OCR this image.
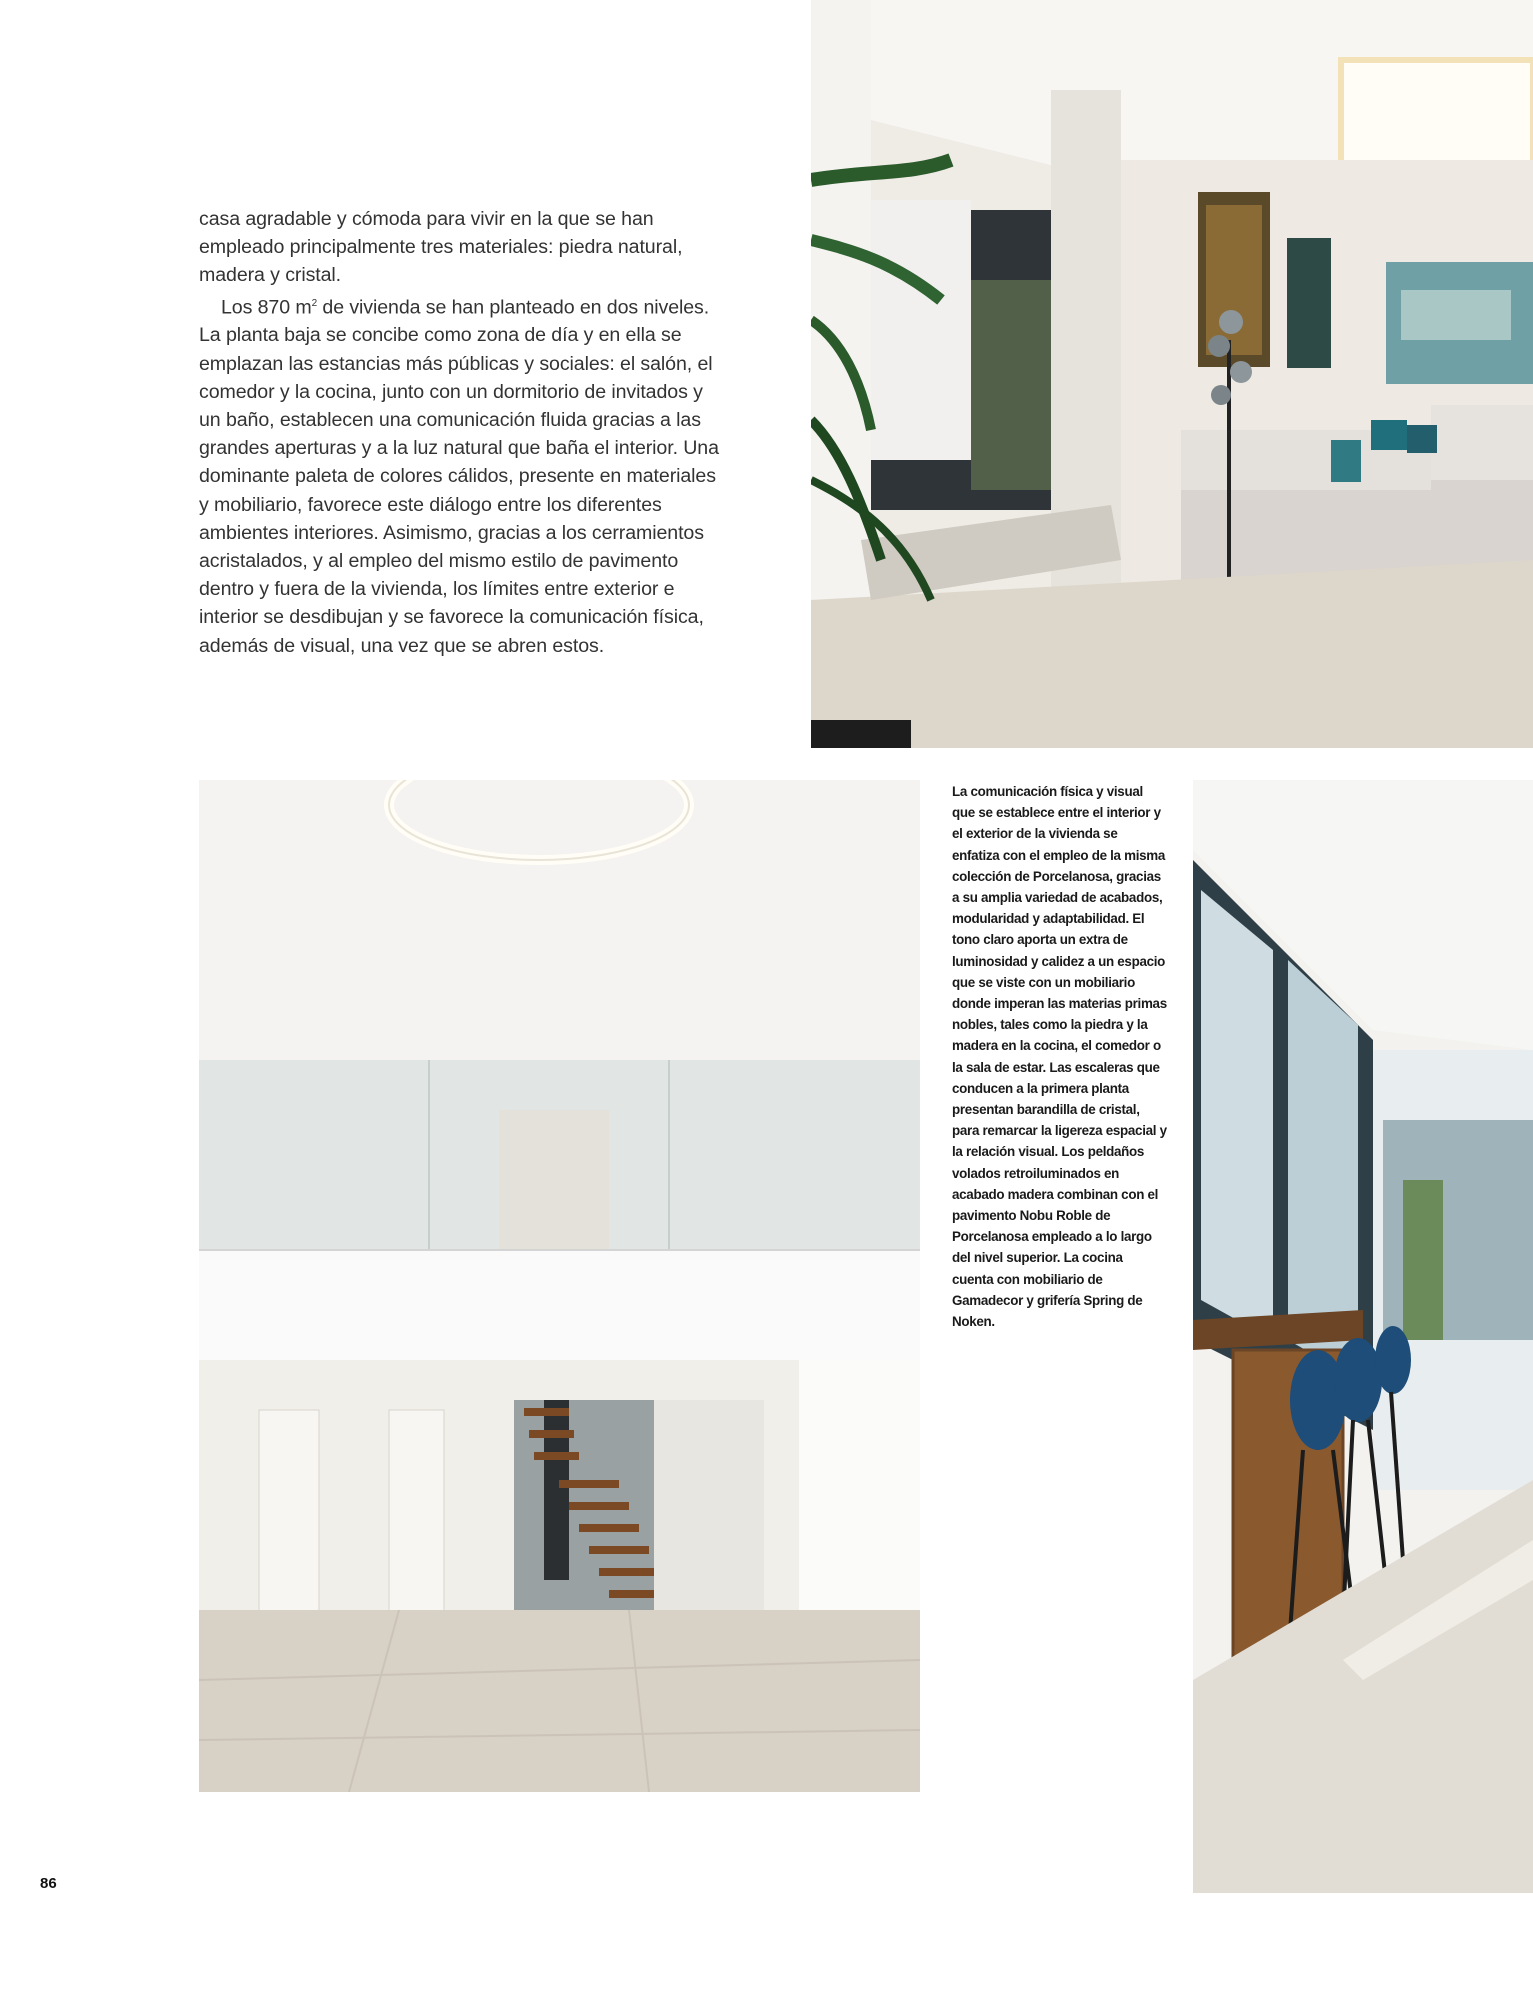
casa agradable y cómoda para vivir en la que se han empleado principalmente tres materiales: piedra natural, madera y cristal.

Los 870 $m^2$ de vivienda se han planteado en dos niveles. La planta baja se concibe como zona de día y en ella se emplazan las estancias más públicas y sociales: el salón, el comedor y la cocina, junto con un dormitorio de invitados y un baño, establecen una comunicación fluida gracias a las grandes aperturas y a la luz natural que baña el interior. Una dominante paleta de colores cálidos, presente en materiales y mobiliario, favorece este diálogo entre los diferentes ambientes interiores. Asimismo, gracias a los cerramientos acristalados, y al empleo del mismo estilo de pavimento dentro y fuera de la vivienda, los límites entre exterior e interior se desdibujan y se favorece la comunicación física, además de visual, una vez que se abren estos.

La comunicación física y visual que se establece entre el interior y el exterior de la vivienda se enfatiza con el empleo de la misma colección de Porcelanosa, gracias a su amplia variedad de acabados, modularidad y adaptabilidad. El tono claro aporta un extra de luminosidad y calidez a un espacio que se viste con un mobiliario donde imperan las materias primas nobles, tales como la piedra y la madera en la cocina, el comedor o la sala de estar. Las escaleras que conducen a la primera planta presentan barandilla de cristal, para remarcar la ligereza espacial y la relación visual. Los peldaños volados retroiluminados en acabado madera combinan con el pavimento Nobu Roble de Porcelanosa empleado a lo largo del nivel superior. La cocina cuenta con mobiliario de Gamadecor y grifería Spring de Noken.
86
